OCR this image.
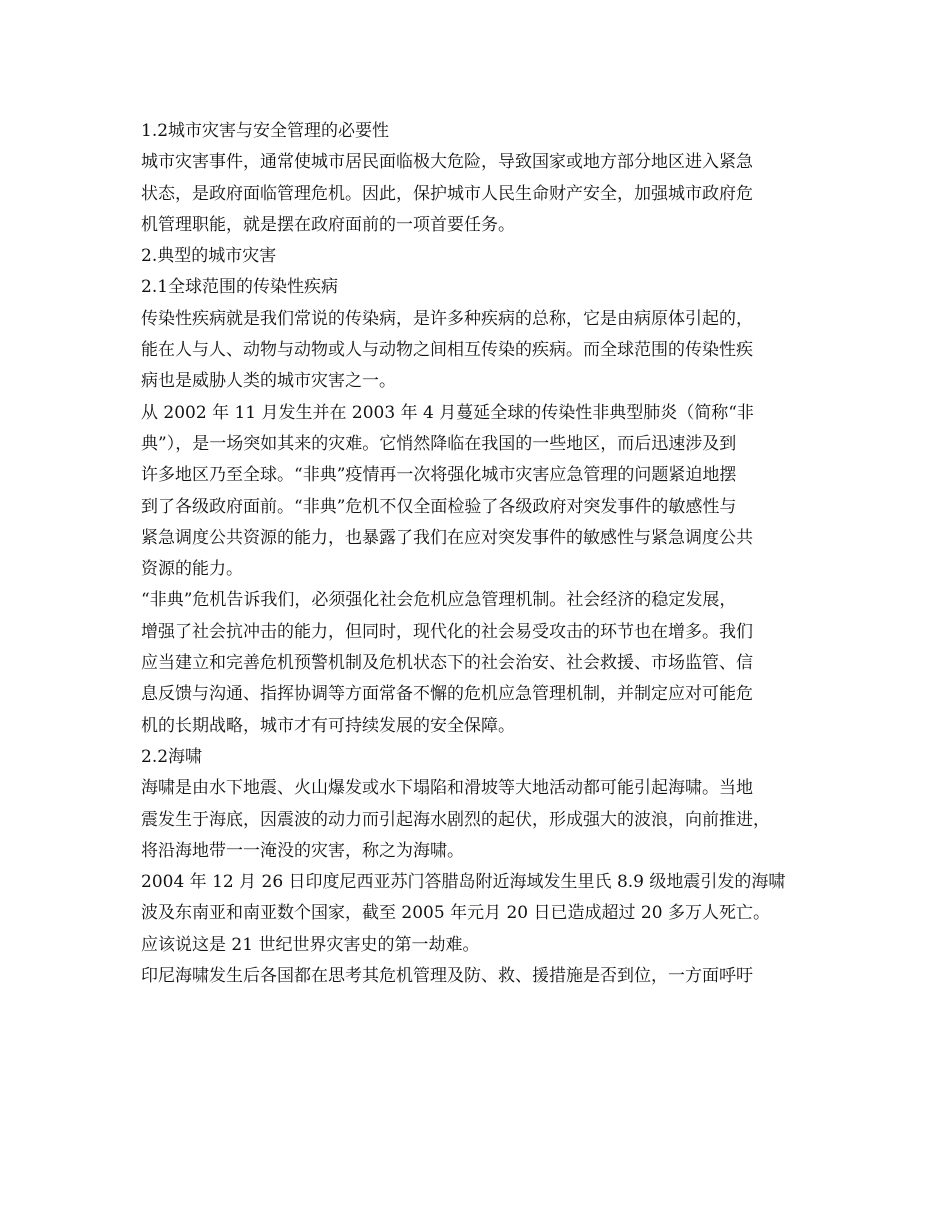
1.2城市灾害与安全管理的必要性

城市灾害事件，通常使城市居民面临极大危险，导致国家或地方部分地区进入紧急

状态，是政府面临管理危机。因此，保护城市人民生命财产安全，加强城市政府危

机管理职能，就是摆在政府面前的一项首要任务。

2.典型的城市灾害

2.1全球范围的传染性疾病

传染性疾病就是我们常说的传染病，是许多种疾病的总称，它是由病原体引起的，

能在人与人、动物与动物或人与动物之间相互传染的疾病。而全球范围的传染性疾

病也是威胁人类的城市灾害之一。

从 2002 年 11 月发生并在 2003 年 4 月蔓延全球的传染性非典型肺炎（简称“非

典”），是一场突如其来的灾难。它悄然降临在我国的一些地区，而后迅速涉及到

许多地区乃至全球。“非典”疫情再一次将强化城市灾害应急管理的问题紧迫地摆

到了各级政府面前。“非典”危机不仅全面检验了各级政府对突发事件的敏感性与

紧急调度公共资源的能力，也暴露了我们在应对突发事件的敏感性与紧急调度公共

资源的能力。

“非典”危机告诉我们，必须强化社会危机应急管理机制。社会经济的稳定发展，

增强了社会抗冲击的能力，但同时，现代化的社会易受攻击的环节也在增多。我们

应当建立和完善危机预警机制及危机状态下的社会治安、社会救援、市场监管、信

息反馈与沟通、指挥协调等方面常备不懈的危机应急管理机制，并制定应对可能危

机的长期战略，城市才有可持续发展的安全保障。

2.2海啸

海啸是由水下地震、火山爆发或水下塌陷和滑坡等大地活动都可能引起海啸。当地

震发生于海底，因震波的动力而引起海水剧烈的起伏，形成强大的波浪，向前推进，

将沿海地带一一淹没的灾害，称之为海啸。

2004 年 12 月 26 日印度尼西亚苏门答腊岛附近海域发生里氏 8.9 级地震引发的海啸

波及东南亚和南亚数个国家，截至 2005 年元月 20 日已造成超过 20 多万人死亡。

应该说这是 21 世纪世界灾害史的第一劫难。

印尼海啸发生后各国都在思考其危机管理及防、救、援措施是否到位，一方面呼吁
